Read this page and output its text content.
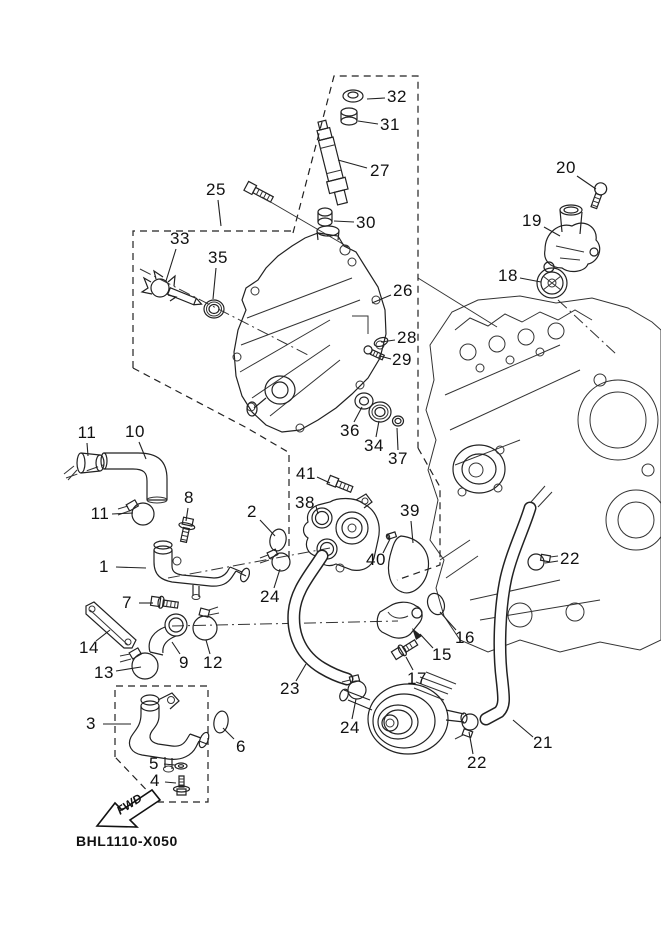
FWD
32
31
27
30
20
19
18
25
33
35
26
28
29
36
34
37
11 10
8
2
11
1
24
7
14
9 12
13
3
23
6
5
4
41
38	39
40
16
15
17
24
22
22
21
BHL1110-X050
